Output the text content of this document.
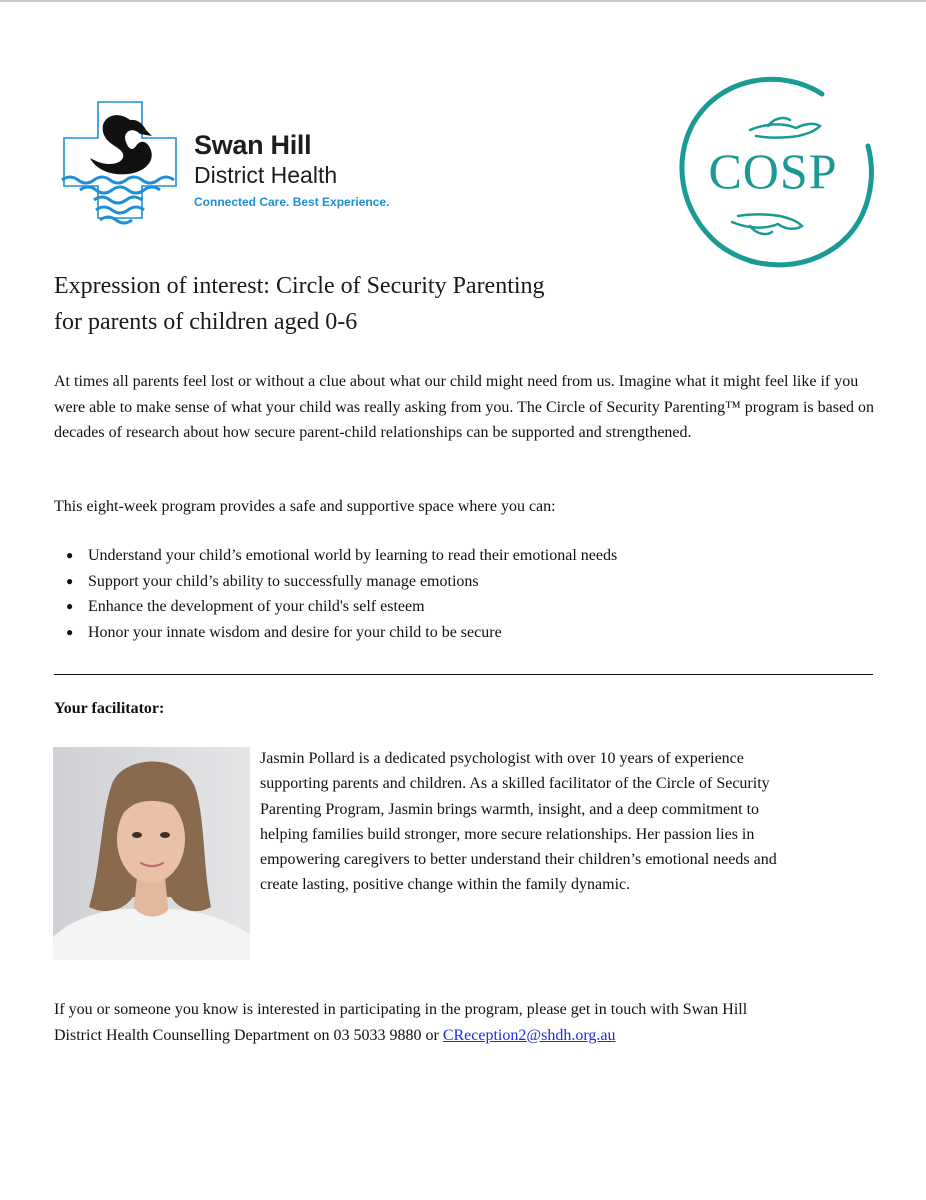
Swan Hill
District Health
Connected Care. Best Experience.
COSP
Expression of interest: Circle of Security Parenting
for parents of children aged 0-6

At times all parents feel lost or without a clue about what our child might need from us. Imagine what it might feel like if you were able to make sense of what your child was really asking from you. The Circle of Security Parenting™ program is based on decades of research about how secure parent-child relationships can be supported and strengthened.

This eight-week program provides a safe and supportive space where you can:

● Understand your child’s emotional world by learning to read their emotional needs
● Support your child’s ability to successfully manage emotions
● Enhance the development of your child's self esteem
● Honor your innate wisdom and desire for your child to be secure

Your facilitator:

Jasmin Pollard is a dedicated psychologist with over 10 years of experience
supporting parents and children. As a skilled facilitator of the Circle of Security
Parenting Program, Jasmin brings warmth, insight, and a deep commitment to
helping families build stronger, more secure relationships. Her passion lies in
empowering caregivers to better understand their children’s emotional needs and
create lasting, positive change within the family dynamic.

If you or someone you know is interested in participating in the program, please get in touch with Swan Hill
District Health Counselling Department on 03 5033 9880 or CReception2@shdh.org.au
